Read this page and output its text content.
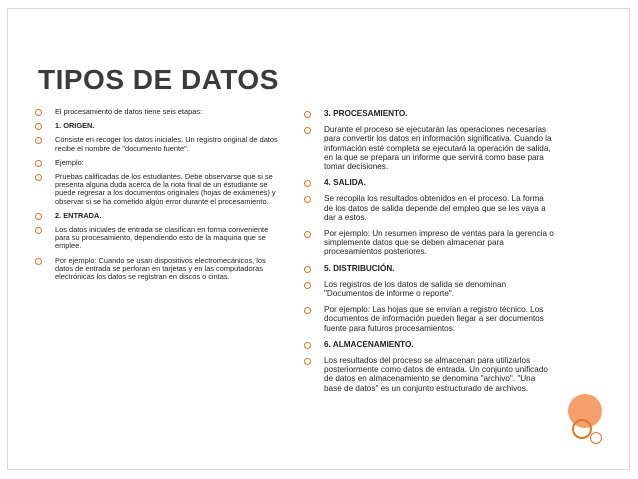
TIPOS DE DATOS
El procesamiento de datos tiene seis etapas:
1. ORIGEN.
Consiste en recoger los datos iniciales. Un registro original de datos recibe el nombre de "documento fuente".
Ejemplo:
Pruebas calificadas de los estudiantes. Debe observarse que si se presenta alguna duda acerca de la nota final de un estudiante se puede regresar a los documentos originales (hojas de exámenes) y observar si se ha cometido algún error durante el procesamiento.
2. ENTRADA.
Los datos iniciales de entrada se clasifican en forma conveniente para su procesamiento, dependiendo esto de la maquina que se emplee.
Por ejemplo: Cuando se usan dispositivos electromecánicos, los datos de entrada se perforan en tarjetas y en las computadoras electrónicas los datos se registran en discos o cintas.
3. PROCESAMIENTO.
Durante el proceso se ejecutarán las operaciones necesarias para convertir los datos en información significativa. Cuando la información esté completa se ejecutará la operación de salida, en la que se prepara un informe que servirá como base para tomar decisiones.
4. SALIDA.
Se recopila los resultados obtenidos en el proceso. La forma de los datos de salida depende del empleo que se les vaya a dar a estos.
Por ejemplo: Un resumen impreso de ventas para la gerencia o simplemente datos que se deben almacenar para procesamientos posteriores.
5. DISTRIBUCIÓN.
Los registros de los datos de salida se denominan "Documentos de informe o reporte".
Por ejemplo: Las hojas que se envían a registro técnico. Los documentos de información pueden llegar a ser documentos fuente para futuros procesamientos.
6. ALMACENAMIENTO.
Los resultados del proceso se almacenan para utilizarlos posteriormente como datos de entrada. Un conjunto unificado de datos en almacenamiento se denomina "archivo". "Una base de datos" es un conjunto estructurado de archivos.
